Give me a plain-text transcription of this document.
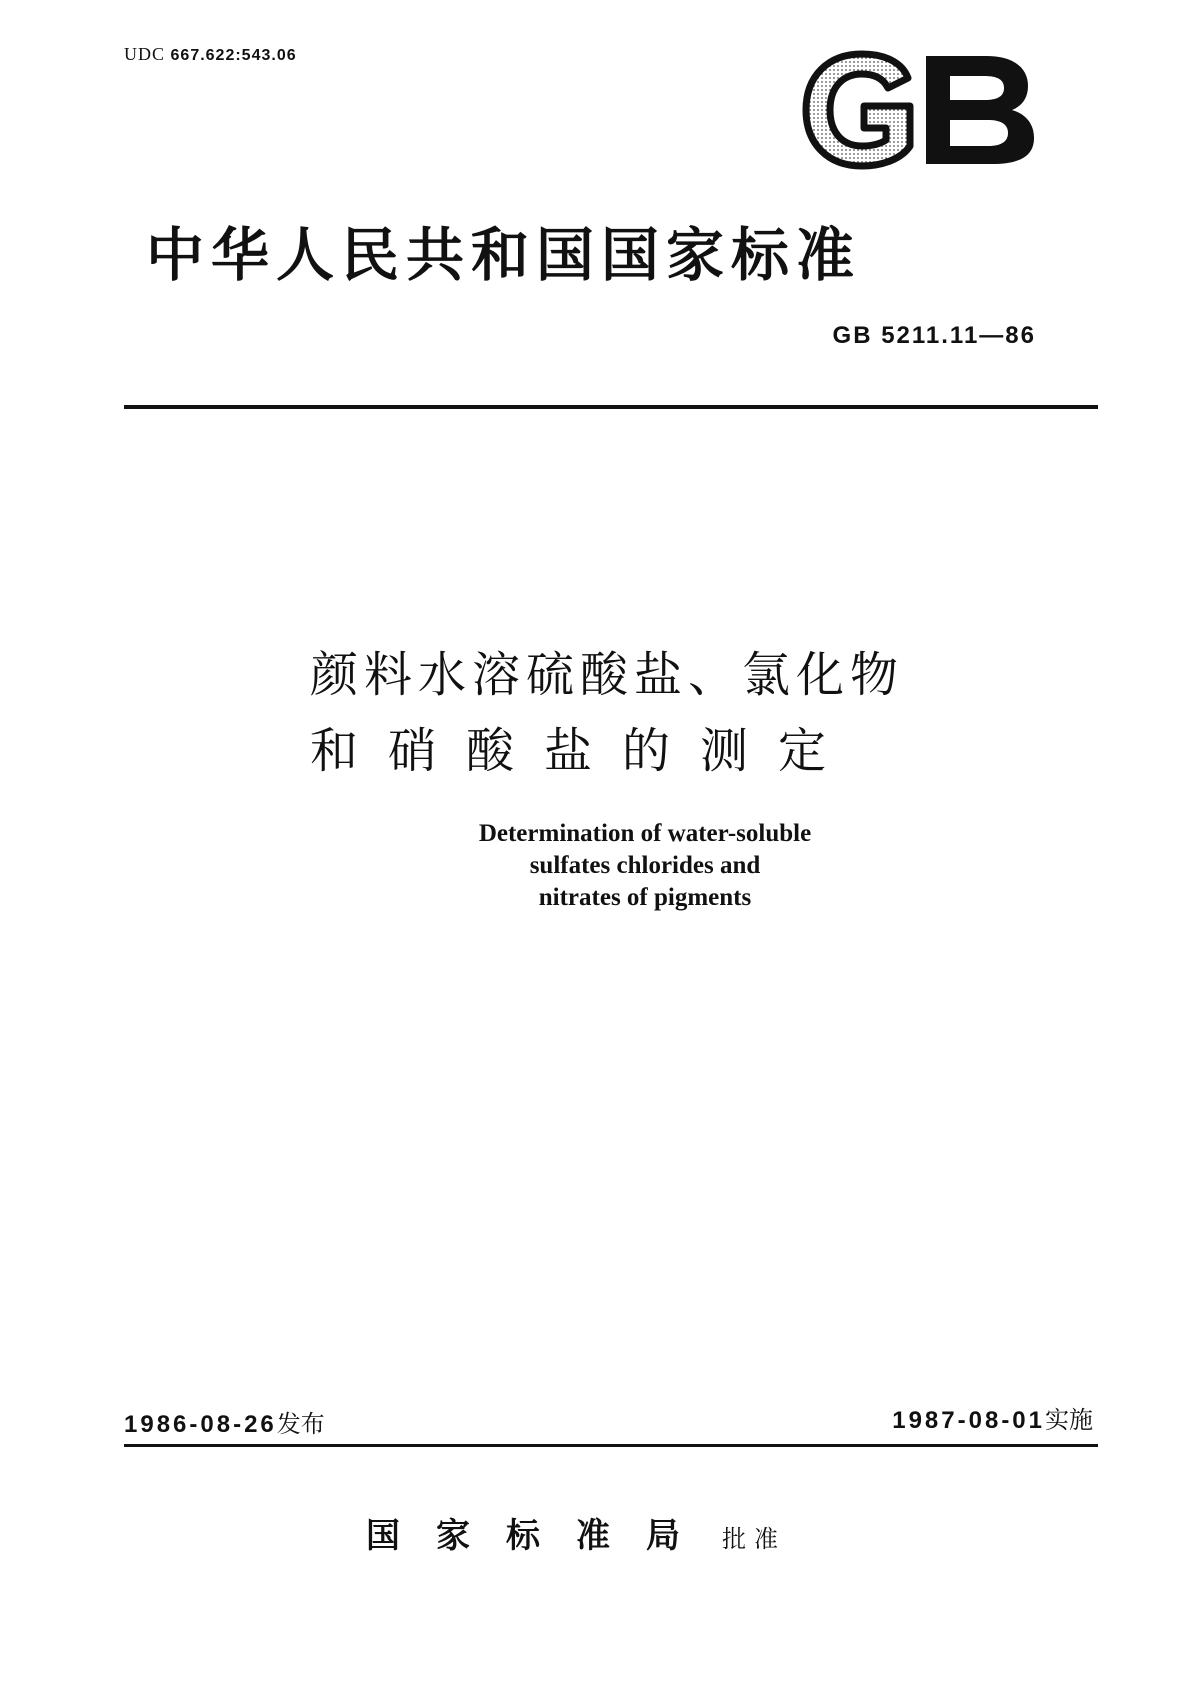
UDC 667.622:543.06
中华人民共和国国家标准
GB 5211.11—86
颜料水溶硫酸盐、氯化物
和硝酸盐的测定
Determination of water-soluble
sulfates chlorides and
nitrates of pigments
1986-08-26发布	1987-08-01实施
国家标准局 批准
